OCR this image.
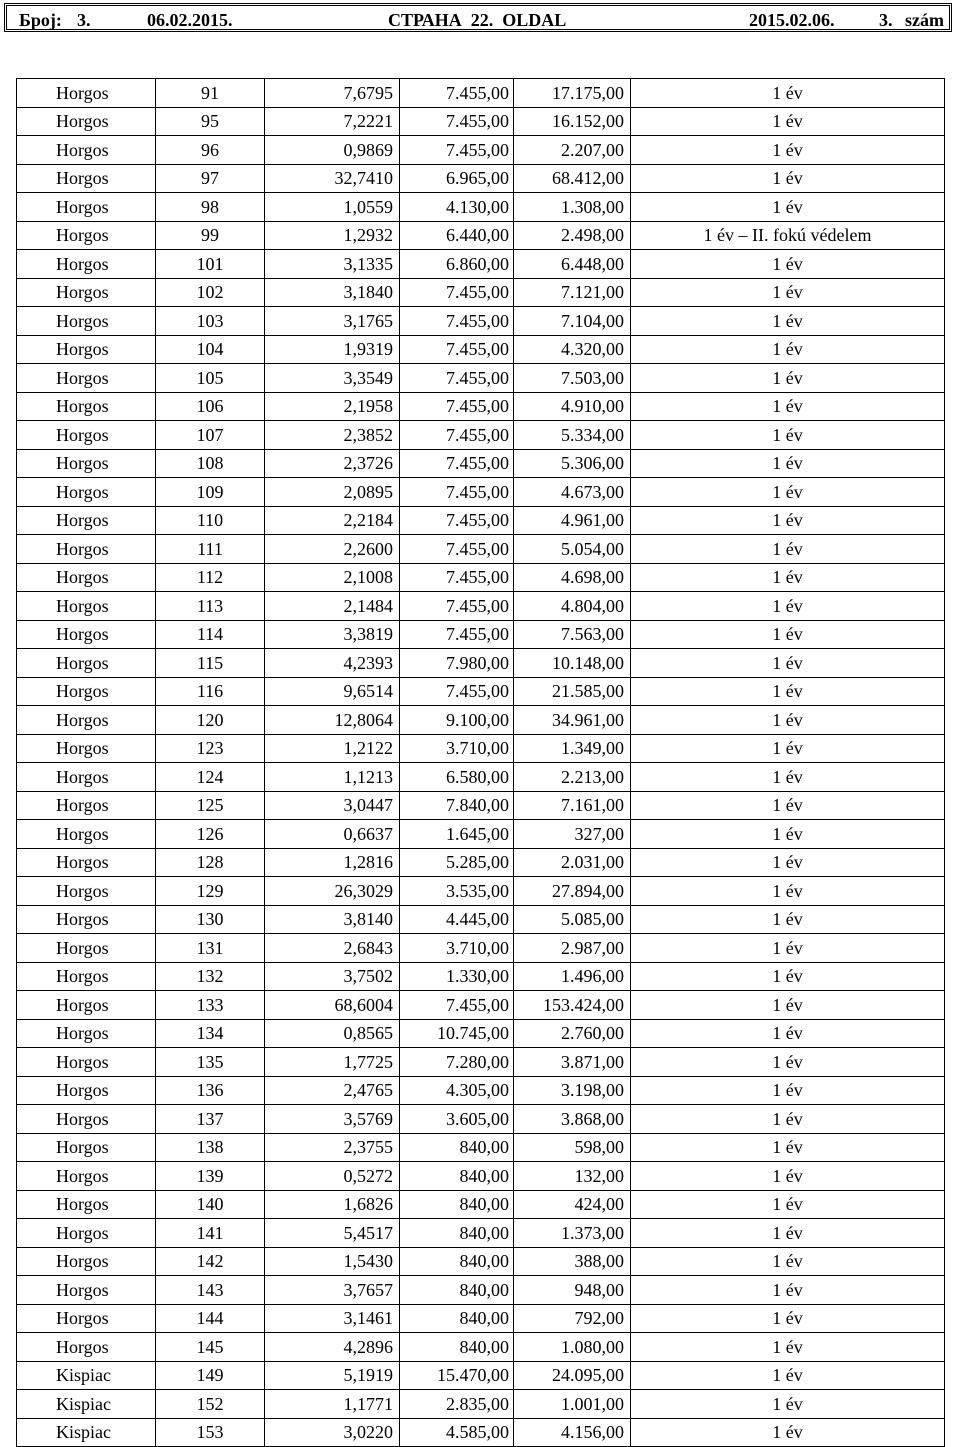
Број: 3.	06.02.2015.	СТРАНА  22.  OLDAL	2015.02.06. 3. szám
Horgos	91	7,6795	7.455,00	17.175,00	1 év
Horgos	95	7,2221	7.455,00	16.152,00	1 év
Horgos	96	0,9869	7.455,00	2.207,00	1 év
Horgos	97	32,7410	6.965,00	68.412,00	1 év
Horgos	98	1,0559	4.130,00	1.308,00	1 év
Horgos	99	1,2932	6.440,00	2.498,00	1 év – II. fokú védelem
Horgos	101	3,1335	6.860,00	6.448,00	1 év
Horgos	102	3,1840	7.455,00	7.121,00	1 év
Horgos	103	3,1765	7.455,00	7.104,00	1 év
Horgos	104	1,9319	7.455,00	4.320,00	1 év
Horgos	105	3,3549	7.455,00	7.503,00	1 év
Horgos	106	2,1958	7.455,00	4.910,00	1 év
Horgos	107	2,3852	7.455,00	5.334,00	1 év
Horgos	108	2,3726	7.455,00	5.306,00	1 év
Horgos	109	2,0895	7.455,00	4.673,00	1 év
Horgos	110	2,2184	7.455,00	4.961,00	1 év
Horgos	111	2,2600	7.455,00	5.054,00	1 év
Horgos	112	2,1008	7.455,00	4.698,00	1 év
Horgos	113	2,1484	7.455,00	4.804,00	1 év
Horgos	114	3,3819	7.455,00	7.563,00	1 év
Horgos	115	4,2393	7.980,00	10.148,00	1 év
Horgos	116	9,6514	7.455,00	21.585,00	1 év
Horgos	120	12,8064	9.100,00	34.961,00	1 év
Horgos	123	1,2122	3.710,00	1.349,00	1 év
Horgos	124	1,1213	6.580,00	2.213,00	1 év
Horgos	125	3,0447	7.840,00	7.161,00	1 év
Horgos	126	0,6637	1.645,00	327,00	1 év
Horgos	128	1,2816	5.285,00	2.031,00	1 év
Horgos	129	26,3029	3.535,00	27.894,00	1 év
Horgos	130	3,8140	4.445,00	5.085,00	1 év
Horgos	131	2,6843	3.710,00	2.987,00	1 év
Horgos	132	3,7502	1.330,00	1.496,00	1 év
Horgos	133	68,6004	7.455,00	153.424,00	1 év
Horgos	134	0,8565	10.745,00	2.760,00	1 év
Horgos	135	1,7725	7.280,00	3.871,00	1 év
Horgos	136	2,4765	4.305,00	3.198,00	1 év
Horgos	137	3,5769	3.605,00	3.868,00	1 év
Horgos	138	2,3755	840,00	598,00	1 év
Horgos	139	0,5272	840,00	132,00	1 év
Horgos	140	1,6826	840,00	424,00	1 év
Horgos	141	5,4517	840,00	1.373,00	1 év
Horgos	142	1,5430	840,00	388,00	1 év
Horgos	143	3,7657	840,00	948,00	1 év
Horgos	144	3,1461	840,00	792,00	1 év
Horgos	145	4,2896	840,00	1.080,00	1 év
Kispiac	149	5,1919	15.470,00	24.095,00	1 év
Kispiac	152	1,1771	2.835,00	1.001,00	1 év
Kispiac	153	3,0220	4.585,00	4.156,00	1 év
